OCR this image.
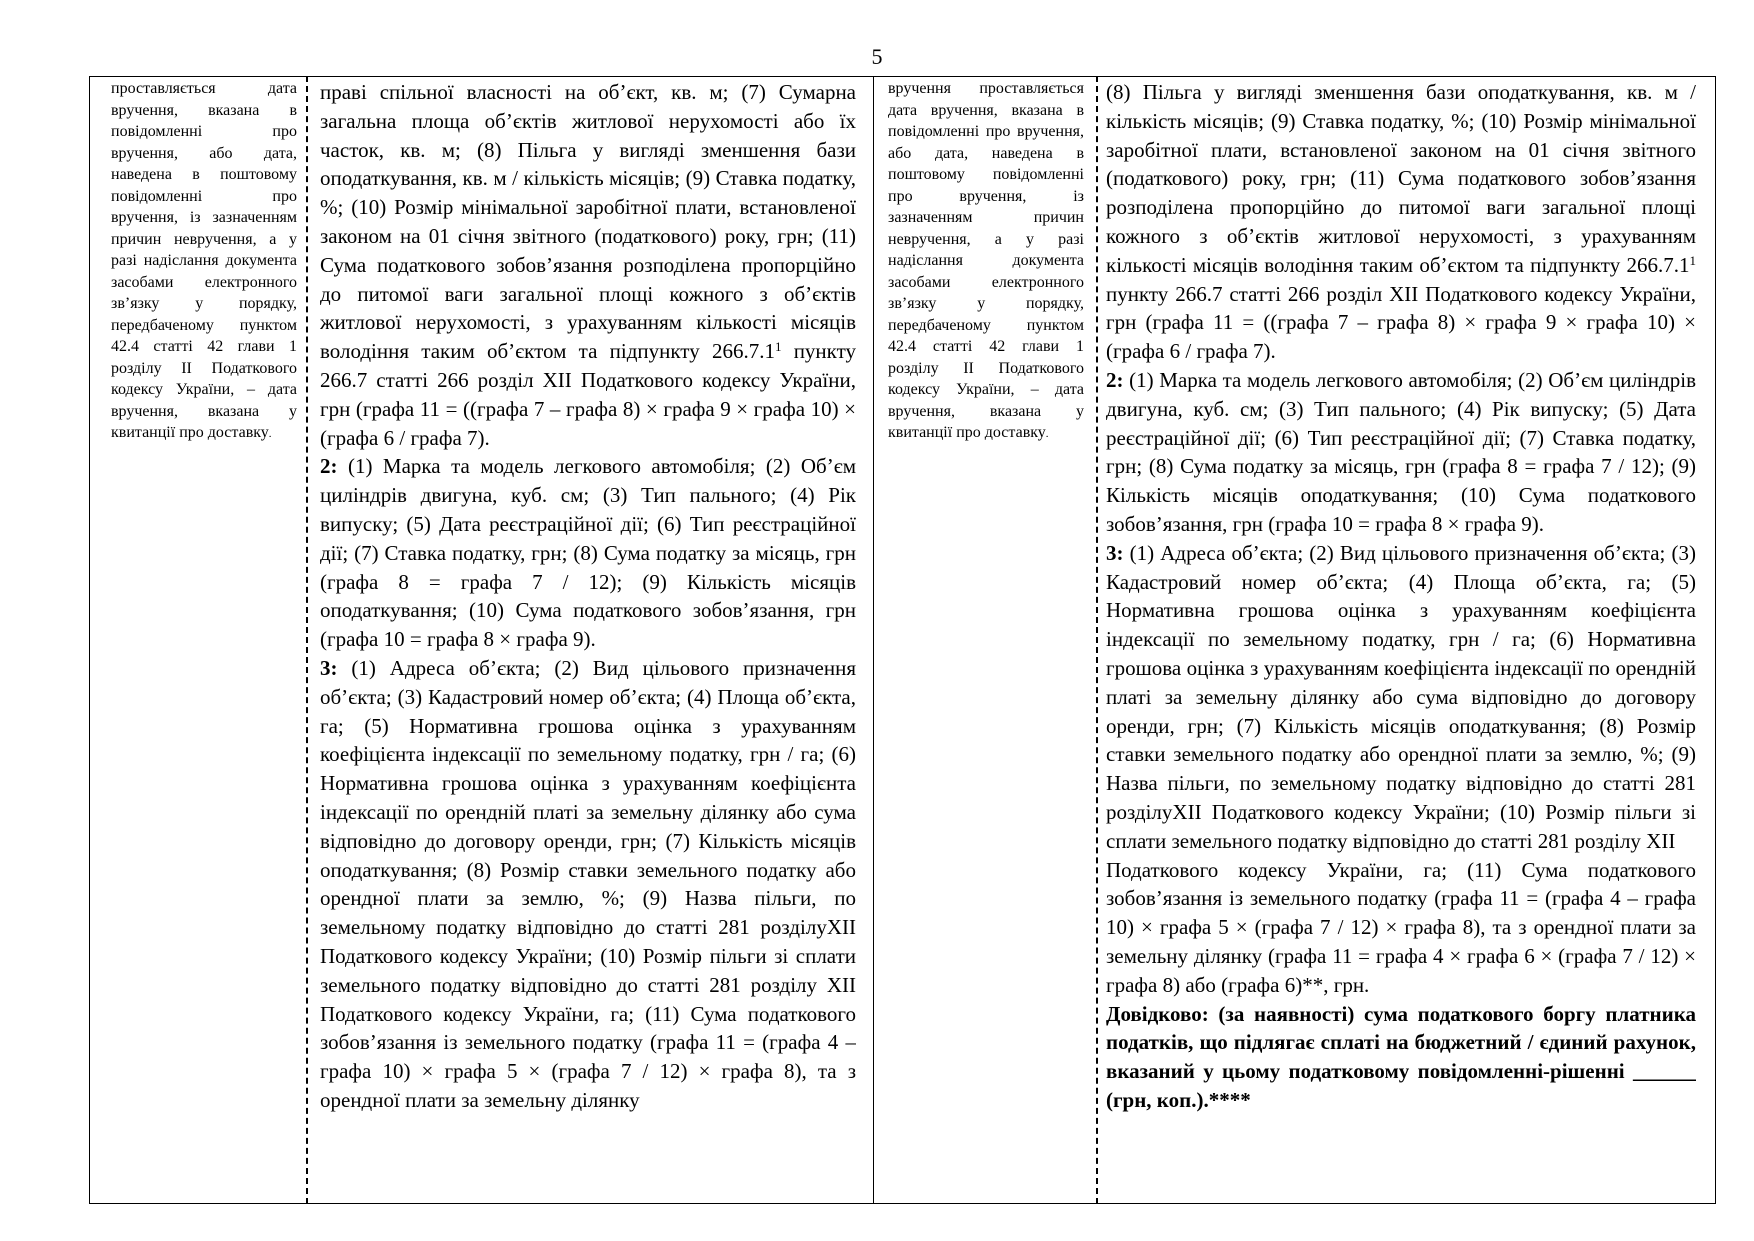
5
проставляється дата вручення, вказана в повідомленні про вручення, або дата, наведена в поштовому повідомленні про вручення, із зазначенням причин невручення, а у разі надіслання документа засобами електронного зв’язку у порядку, передбаченому пунктом 42.4 статті 42 глави 1 розділу II Податкового кодексу України, – дата вручення, вказана у квитанції про доставку.

праві спільної власності на об’єкт, кв. м; (7) Сумарна загальна площа об’єктів житлової нерухомості або їх часток, кв. м; (8) Пільга у вигляді зменшення бази оподаткування, кв. м / кількість місяців; (9) Ставка податку, %; (10) Розмір мінімальної заробітної плати, встановленої законом на 01 січня звітного (податкового) року, грн; (11) Сума податкового зобов’язання розподілена пропорційно до питомої ваги загальної площі кожного з об’єктів житлової нерухомості, з урахуванням кількості місяців володіння таким об’єктом та підпункту 266.7.1$^1$ пункту 266.7 статті 266 розділ XII Податкового кодексу України, грн (графа 11 = ((графа 7 – графа 8) × графа 9 × графа 10) × (графа 6 / графа 7).

2: (1) Марка та модель легкового автомобіля; (2) Об’єм циліндрів двигуна, куб. см; (3) Тип пального; (4) Рік випуску; (5) Дата реєстраційної дії; (6) Тип реєстраційної дії; (7) Ставка податку, грн; (8) Сума податку за місяць, грн (графа 8 = графа 7 / 12); (9) Кількість місяців оподаткування; (10) Сума податкового зобов’язання, грн (графа 10 = графа 8 × графа 9).

3: (1) Адреса об’єкта; (2) Вид цільового призначення об’єкта; (3) Кадастровий номер об’єкта; (4) Площа об’єкта, га; (5) Нормативна грошова оцінка з урахуванням коефіцієнта індексації по земельному податку, грн / га; (6) Нормативна грошова оцінка з урахуванням коефіцієнта індексації по орендній платі за земельну ділянку або сума відповідно до договору оренди, грн; (7) Кількість місяців оподаткування; (8) Розмір ставки земельного податку або орендної плати за землю, %; (9) Назва пільги, по земельному податку відповідно до статті 281 розділуXII Податкового кодексу України; (10) Розмір пільги зі сплати земельного податку відповідно до статті 281 розділу XII Податкового кодексу України, га; (11) Сума податкового зобов’язання із земельного податку (графа 11 = (графа 4 – графа 10) × графа 5 × (графа 7 / 12) × графа 8), та з орендної плати за земельну ділянку

вручення проставляється дата вручення, вказана в повідомленні про вручення, або дата, наведена в поштовому повідомленні про вручення, із зазначенням причин невручення, а у разі надіслання документа засобами електронного зв’язку у порядку, передбаченому пунктом 42.4 статті 42 глави 1 розділу II Податкового кодексу України, – дата вручення, вказана у квитанції про доставку.

(8) Пільга у вигляді зменшення бази оподаткування, кв. м / кількість місяців; (9) Ставка податку, %; (10) Розмір мінімальної заробітної плати, встановленої законом на 01 січня звітного (податкового) року, грн; (11) Сума податкового зобов’язання розподілена пропорційно до питомої ваги загальної площі кожного з об’єктів житлової нерухомості, з урахуванням кількості місяців володіння таким об’єктом та підпункту 266.7.1$^1$ пункту 266.7 статті 266 розділ XII Податкового кодексу України, грн (графа 11 = ((графа 7 – графа 8) × графа 9 × графа 10) × (графа 6 / графа 7).

2: (1) Марка та модель легкового автомобіля; (2) Об’єм циліндрів двигуна, куб. см; (3) Тип пального; (4) Рік випуску; (5) Дата реєстраційної дії; (6) Тип реєстраційної дії; (7) Ставка податку, грн; (8) Сума податку за місяць, грн (графа 8 = графа 7 / 12); (9) Кількість місяців оподаткування; (10) Сума податкового зобов’язання, грн (графа 10 = графа 8 × графа 9).

3: (1) Адреса об’єкта; (2) Вид цільового призначення об’єкта; (3) Кадастровий номер об’єкта; (4) Площа об’єкта, га; (5) Нормативна грошова оцінка з урахуванням коефіцієнта індексації по земельному податку, грн / га; (6) Нормативна грошова оцінка з урахуванням коефіцієнта індексації по орендній платі за земельну ділянку або сума відповідно до договору оренди, грн; (7) Кількість місяців оподаткування; (8) Розмір ставки земельного податку або орендної плати за землю, %; (9) Назва пільги, по земельному податку відповідно до статті 281 розділуXII Податкового кодексу України; (10) Розмір пільги зі сплати земельного податку відповідно до статті 281 розділу XII

Податкового кодексу України, га; (11) Сума податкового зобов’язання із земельного податку (графа 11 = (графа 4 – графа 10) × графа 5 × (графа 7 / 12) × графа 8), та з орендної плати за земельну ділянку (графа 11 = графа 4 × графа 6 × (графа 7 / 12) × графа 8) або (графа 6)**, грн.

Довідково: (за наявності) сума податкового боргу платника податків, що підлягає сплаті на бюджетний / єдиний рахунок, вказаний у цьому податковому повідомленні-рішенні ______ (грн, коп.).****
